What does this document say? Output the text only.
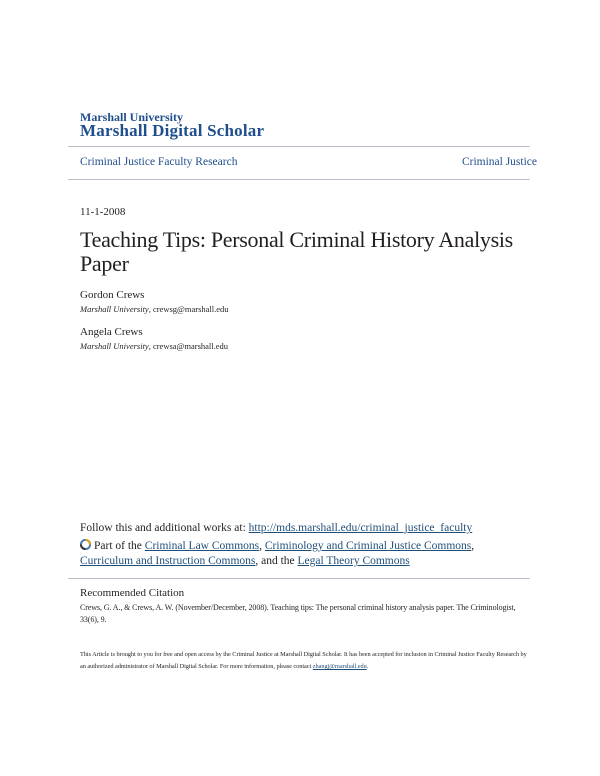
Marshall University
Marshall Digital Scholar
Criminal Justice Faculty Research	Criminal Justice
11-1-2008
Teaching Tips: Personal Criminal History Analysis Paper
Gordon Crews
Marshall University, crewsg@marshall.edu
Angela Crews
Marshall University, crewsa@marshall.edu
Follow this and additional works at: http://mds.marshall.edu/criminal_justice_faculty
Part of the Criminal Law Commons, Criminology and Criminal Justice Commons, Curriculum and Instruction Commons, and the Legal Theory Commons
Recommended Citation
Crews, G. A., & Crews, A. W. (November/December, 2008). Teaching tips: The personal criminal history analysis paper. The Criminologist, 33(6), 9.
This Article is brought to you for free and open access by the Criminal Justice at Marshall Digital Scholar. It has been accepted for inclusion in Criminal Justice Faculty Research by an authorized administrator of Marshall Digital Scholar. For more information, please contact zhangj@marshall.edu.
